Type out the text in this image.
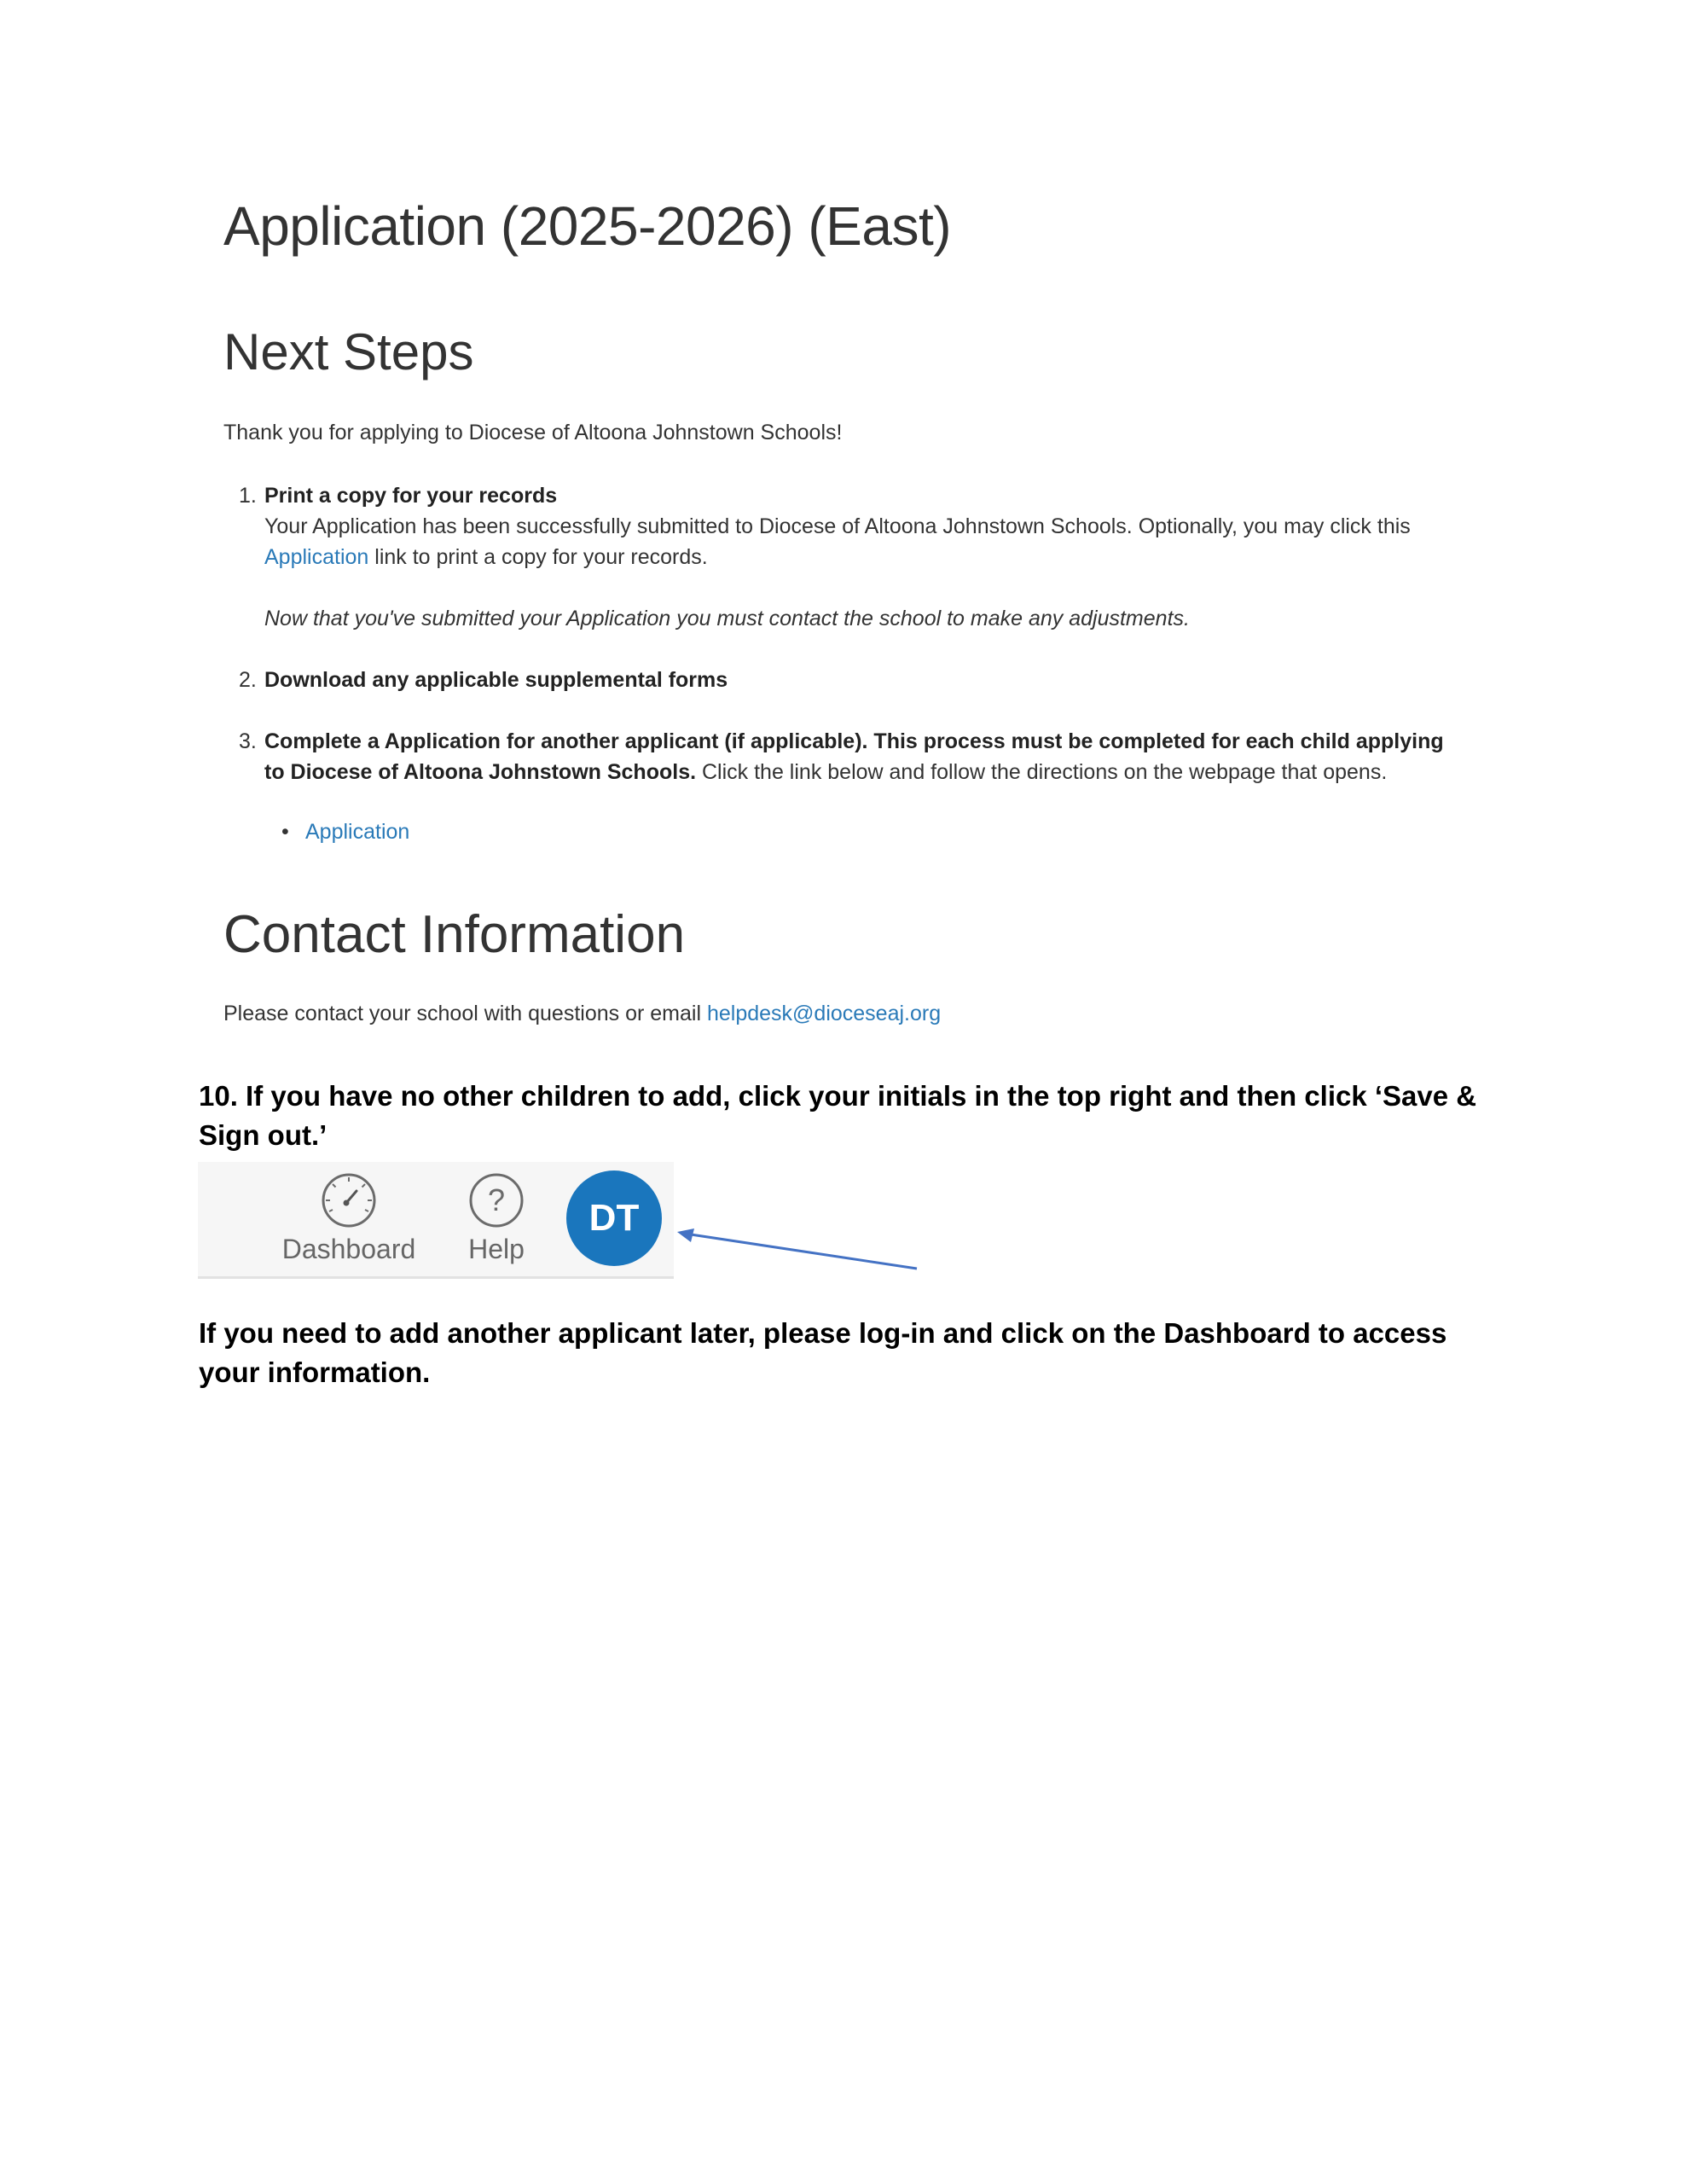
Application (2025-2026) (East)
Next Steps
Thank you for applying to Diocese of Altoona Johnstown Schools!
1. Print a copy for your records
Your Application has been successfully submitted to Diocese of Altoona Johnstown Schools. Optionally, you may click this Application link to print a copy for your records.
Now that you've submitted your Application you must contact the school to make any adjustments.
2. Download any applicable supplemental forms
3. Complete a Application for another applicant (if applicable). This process must be completed for each child applying to Diocese of Altoona Johnstown Schools. Click the link below and follow the directions on the webpage that opens.
• Application
Contact Information
Please contact your school with questions or email helpdesk@dioceseaj.org
10. If you have no other children to add, click your initials in the top right and then click ‘Save & Sign out.’
Dashboard
?
Help
DT
If you need to add another applicant later, please log-in and click on the Dashboard to access your information.
